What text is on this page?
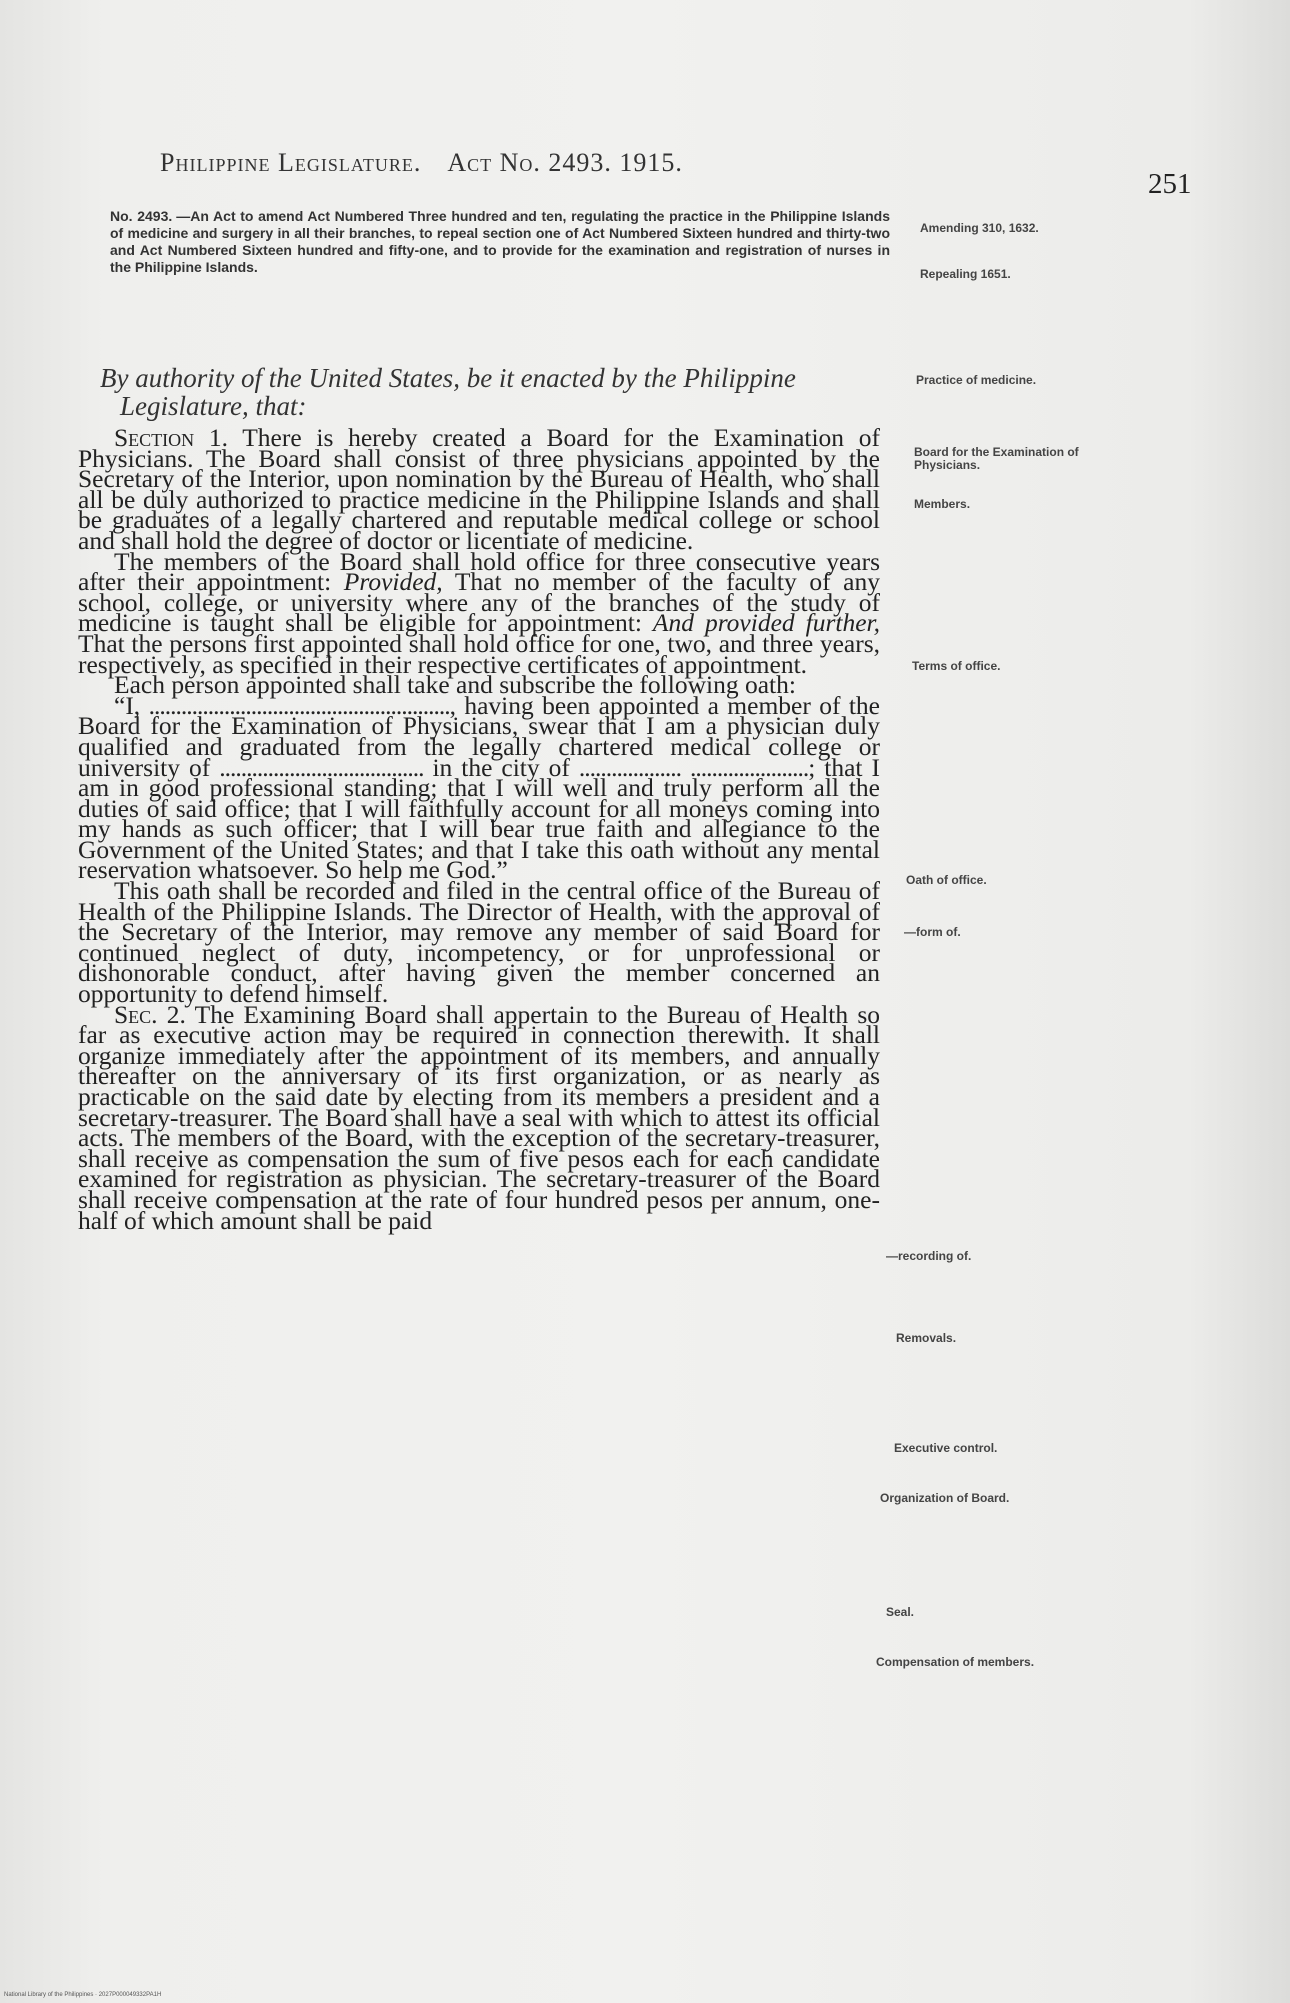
Philippine Legislature. Act No. 2493. 1915.
251
No. 2493. —An Act to amend Act Numbered Three hundred and ten, regulating the practice in the Philippine Islands of medicine and surgery in all their branches, to repeal section one of Act Numbered Sixteen hundred and thirty-two and Act Numbered Sixteen hundred and fifty-one, and to provide for the examination and registration of nurses in the Philippine Islands.
By authority of the United States, be it enacted by the Philippine Legislature, that:

Section 1. There is hereby created a Board for the Examination of Physicians. The Board shall consist of three physicians appointed by the Secretary of the Interior, upon nomination by the Bureau of Health, who shall all be duly authorized to practice medicine in the Philippine Islands and shall be graduates of a legally chartered and reputable medical college or school and shall hold the degree of doctor or licentiate of medicine.

The members of the Board shall hold office for three consecutive years after their appointment: Provided, That no member of the faculty of any school, college, or university where any of the branches of the study of medicine is taught shall be eligible for appointment: And provided further, That the persons first appointed shall hold office for one, two, and three years, respectively, as specified in their respective certificates of appointment.

Each person appointed shall take and subscribe the following oath:

“I, ........................................................, having been appointed a member of the Board for the Examination of Physicians, swear that I am a physician duly qualified and graduated from the legally chartered medical college or university of ...................................... in the city of ................... ......................; that I am in good professional standing; that I will well and truly perform all the duties of said office; that I will faithfully account for all moneys coming into my hands as such officer; that I will bear true faith and allegiance to the Government of the United States; and that I take this oath without any mental reservation whatsoever. So help me God.”

This oath shall be recorded and filed in the central office of the Bureau of Health of the Philippine Islands. The Director of Health, with the approval of the Secretary of the Interior, may remove any member of said Board for continued neglect of duty, incompetency, or for unprofessional or dishonorable conduct, after having given the member concerned an opportunity to defend himself.

Sec. 2. The Examining Board shall appertain to the Bureau of Health so far as executive action may be required in connection therewith. It shall organize immediately after the appointment of its members, and annually thereafter on the anniversary of its first organization, or as nearly as practicable on the said date by electing from its members a president and a secretary-treasurer. The Board shall have a seal with which to attest its official acts. The members of the Board, with the exception of the secretary-treasurer, shall receive as compensation the sum of five pesos each for each candidate examined for registration as physician. The secretary-treasurer of the Board shall receive compensation at the rate of four hundred pesos per annum, one-half of which amount shall be paid

Amending 310, 1632.
Repealing 1651.
Practice of medicine.
Board for the Examination of Physicians.
Members.
Terms of office.
Oath of office.
—form of.
—recording of.
Removals.
Executive control.
Organization of Board.
Seal.
Compensation of members.
National Library of the Philippines · 2027P000049332PA1H
